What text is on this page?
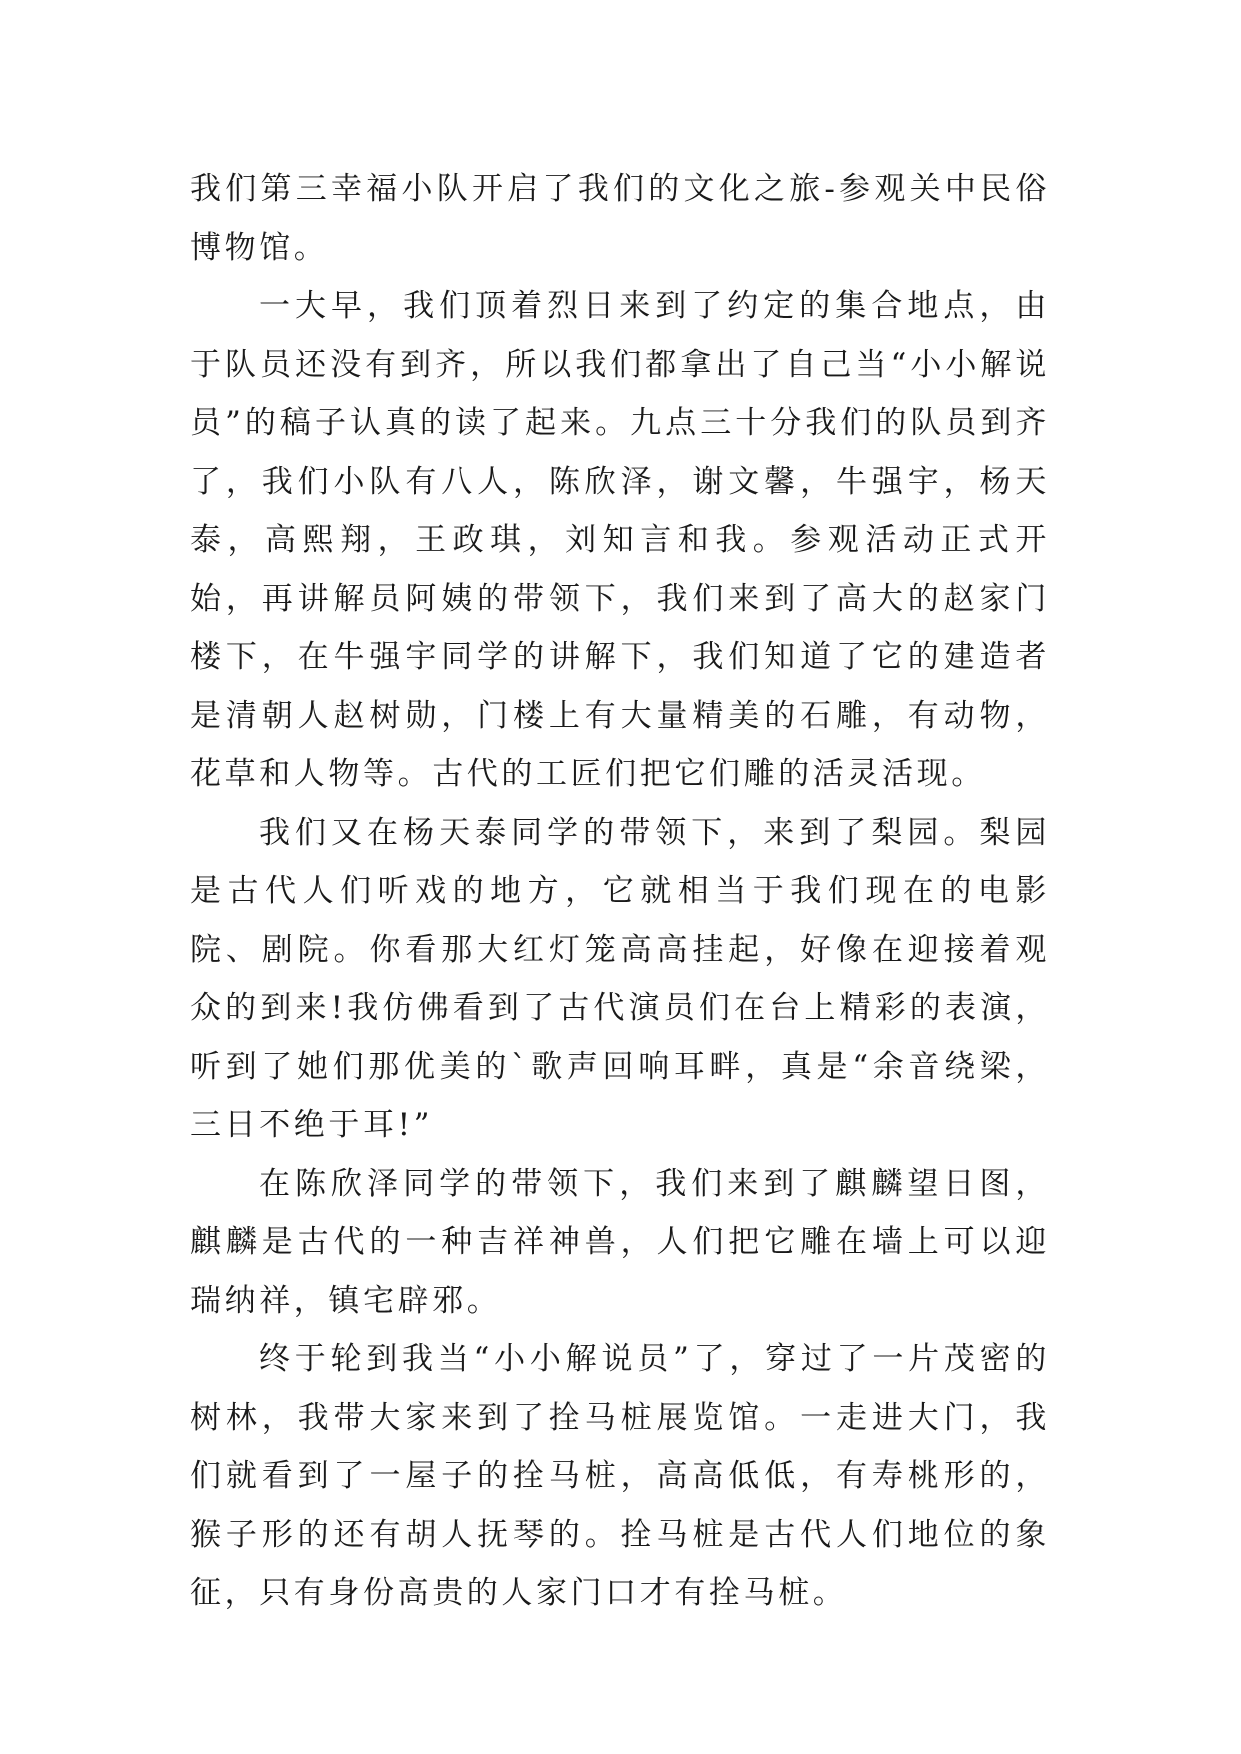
我们第三幸福小队开启了我们的文化之旅-参观关中民俗博物馆。

一大早，我们顶着烈日来到了约定的集合地点，由于队员还没有到齐，所以我们都拿出了自己当“小小解说员”的稿子认真的读了起来。九点三十分我们的队员到齐了，我们小队有八人，陈欣泽，谢文馨，牛强宇，杨天泰，高熙翔，王政琪，刘知言和我。参观活动正式开始，再讲解员阿姨的带领下，我们来到了高大的赵家门楼下，在牛强宇同学的讲解下，我们知道了它的建造者是清朝人赵树勋，门楼上有大量精美的石雕，有动物，花草和人物等。古代的工匠们把它们雕的活灵活现。

我们又在杨天泰同学的带领下，来到了梨园。梨园是古代人们听戏的地方，它就相当于我们现在的电影院、剧院。你看那大红灯笼高高挂起，好像在迎接着观众的到来!我仿佛看到了古代演员们在台上精彩的表演，听到了她们那优美的`歌声回响耳畔，真是“余音绕梁，三日不绝于耳!”

在陈欣泽同学的带领下，我们来到了麒麟望日图，麒麟是古代的一种吉祥神兽，人们把它雕在墙上可以迎瑞纳祥，镇宅辟邪。

终于轮到我当“小小解说员”了，穿过了一片茂密的树林，我带大家来到了拴马桩展览馆。一走进大门，我们就看到了一屋子的拴马桩，高高低低，有寿桃形的，猴子形的还有胡人抚琴的。拴马桩是古代人们地位的象征，只有身份高贵的人家门口才有拴马桩。
